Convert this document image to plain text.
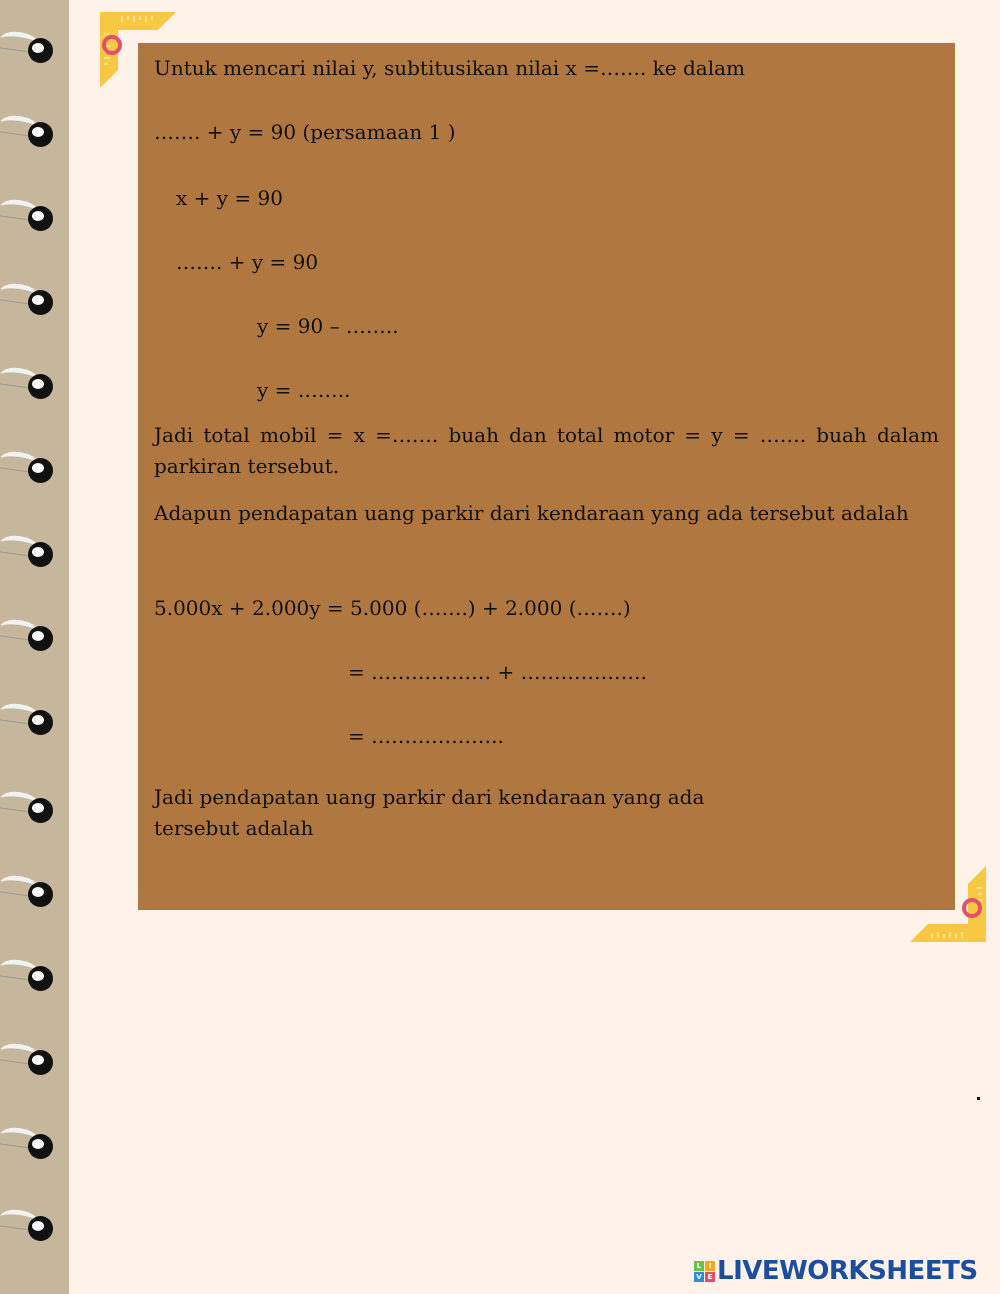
Untuk mencari nilai y, subtitusikan nilai x =……. ke dalam
……. + y = 90 (persamaan 1 )
x + y = 90
……. + y = 90
y = 90 – ……..
y = ……..
Jadi total mobil = x =……. buah dan total motor = y = ……. buah dalam parkiran tersebut.
Adapun pendapatan uang parkir dari kendaraan yang ada tersebut adalah
5.000x + 2.000y = 5.000 (…….) + 2.000 (…….)
= ……………… + ……………….
= ………………..
Jadi pendapatan uang parkir dari kendaraan yang ada
tersebut adalah
L	I
V E LIVEWORKSHEETS
